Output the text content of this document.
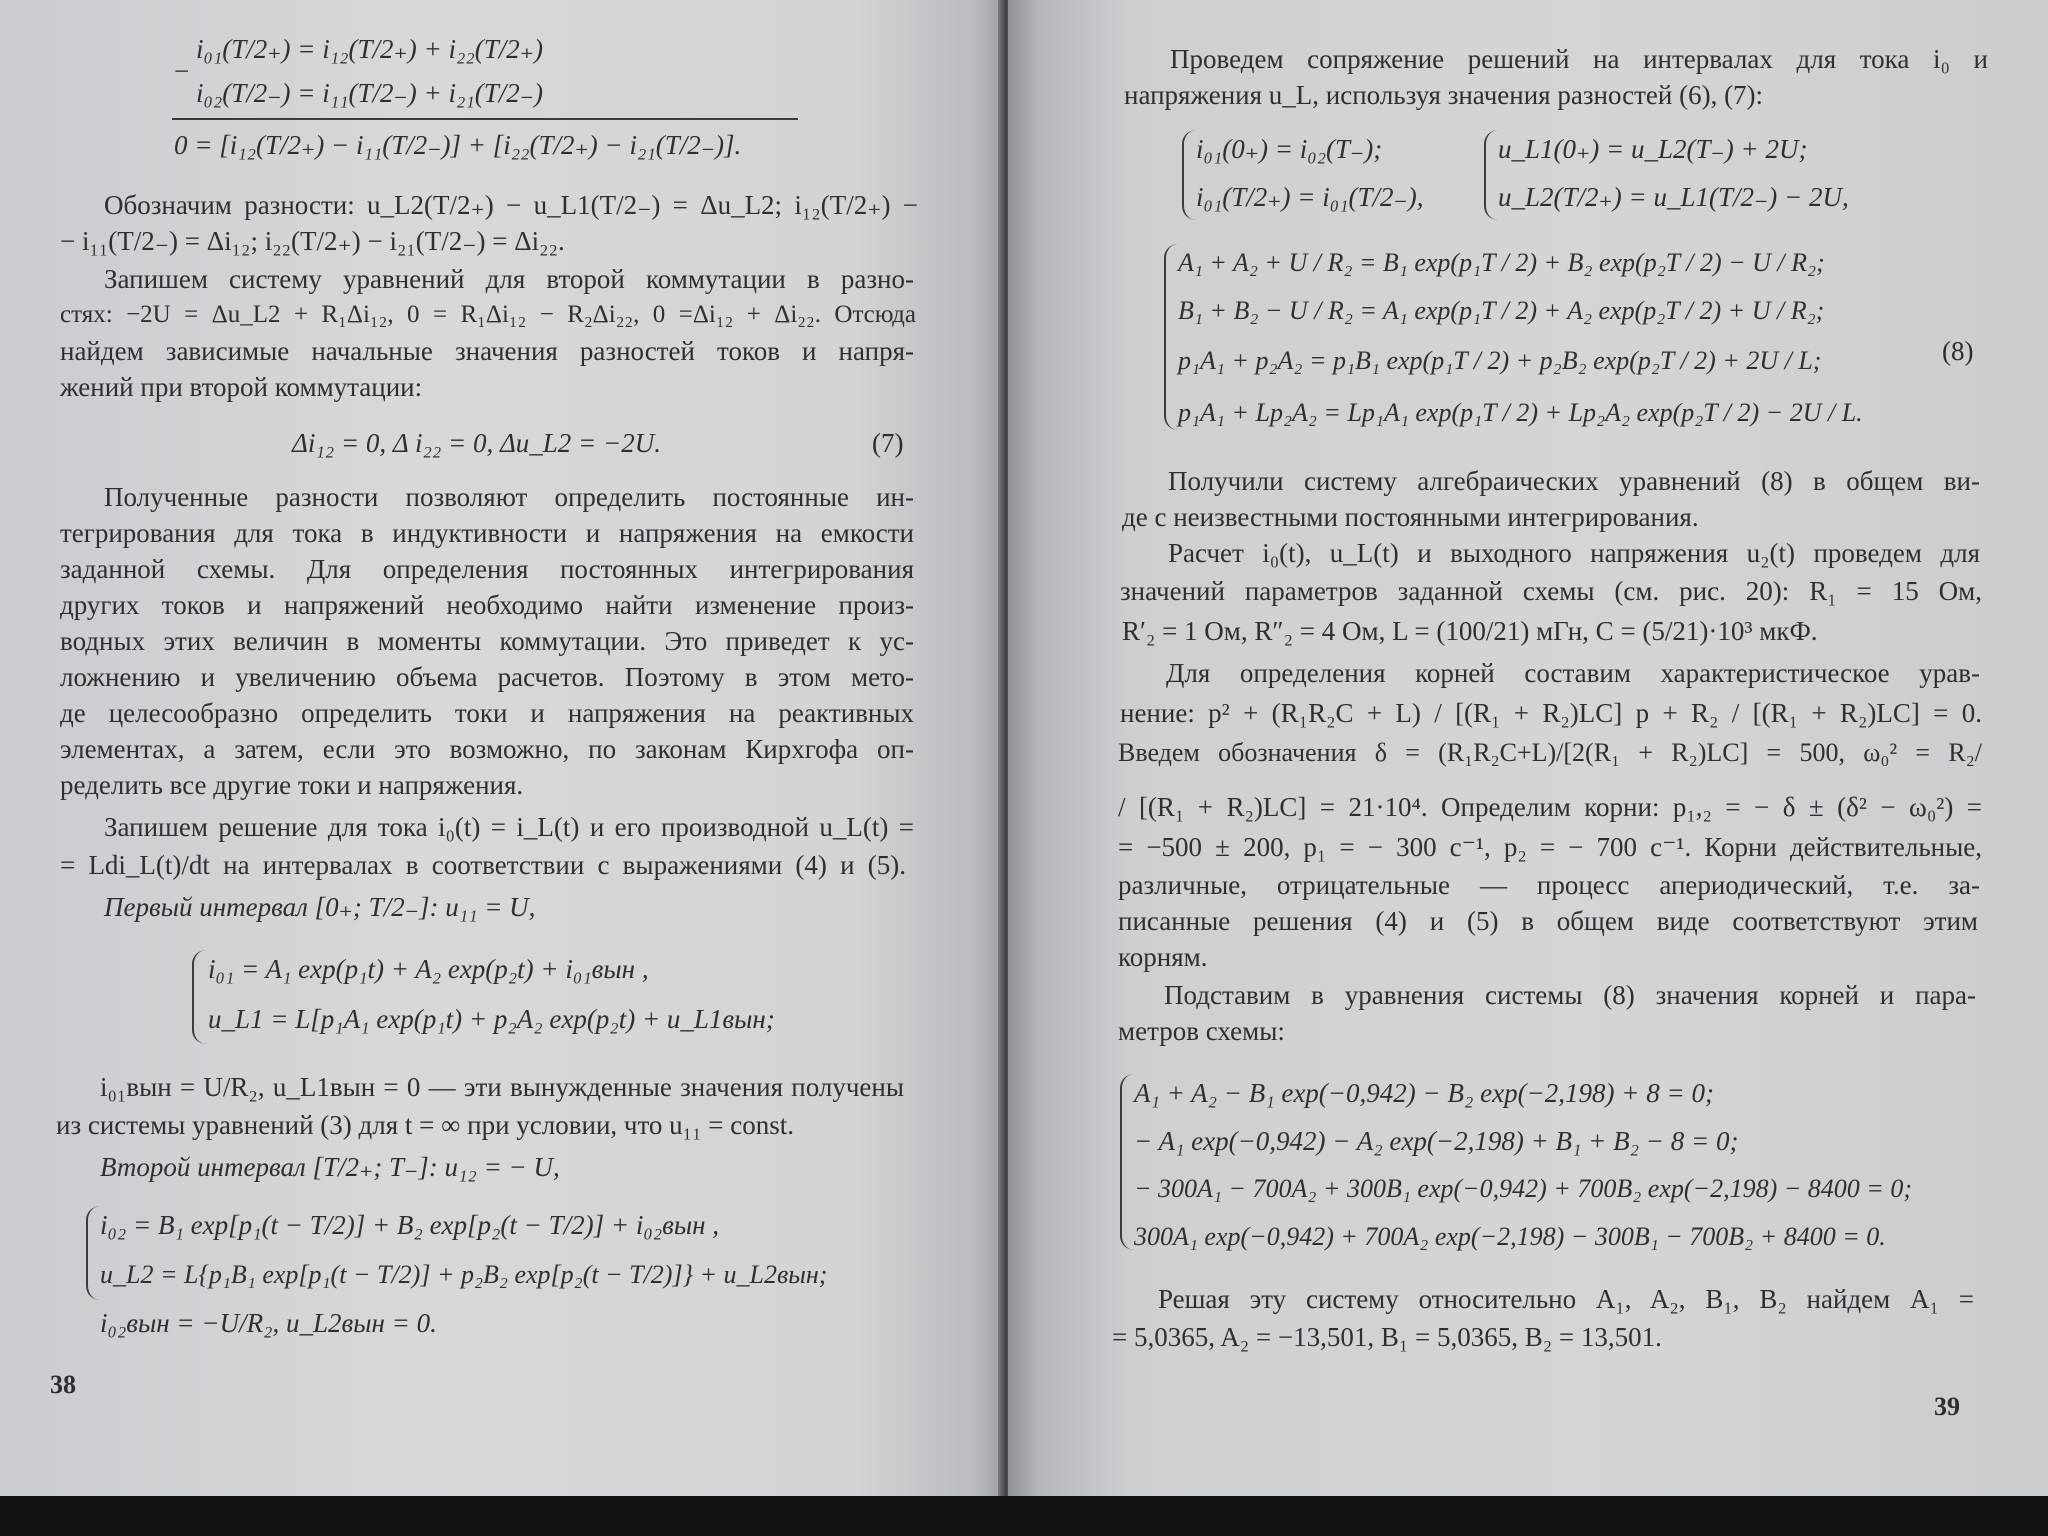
i₀₁(T/2₊) = i₁₂(T/2₊) + i₂₂(T/2₊)
−
i₀₂(T/2₋) = i₁₁(T/2₋) + i₂₁(T/2₋)
0 = [i₁₂(T/2₊) − i₁₁(T/2₋)] + [i₂₂(T/2₊) − i₂₁(T/2₋)].
Обозначим разности: u_L2(T/2₊) − u_L1(T/2₋) = Δu_L2; i₁₂(T/2₊) −
− i₁₁(T/2₋) = Δi₁₂; i₂₂(T/2₊) − i₂₁(T/2₋) = Δi₂₂.
Запишем систему уравнений для второй коммутации в разно-
стях: −2U = Δu_L2 + R₁Δi₁₂, 0 = R₁Δi₁₂ − R₂Δi₂₂, 0 =Δi₁₂ + Δi₂₂. Отсюда
найдем зависимые начальные значения разностей токов и напря-
жений при второй коммутации:
Δi₁₂ = 0, Δ i₂₂ = 0, Δu_L2 = −2U.	(7)
Полученные разности позволяют определить постоянные ин-
тегрирования для тока в индуктивности и напряжения на емкости
заданной схемы. Для определения постоянных интегрирования
других токов и напряжений необходимо найти изменение произ-
водных этих величин в моменты коммутации. Это приведет к ус-
ложнению и увеличению объема расчетов. Поэтому в этом мето-
де целесообразно определить токи и напряжения на реактивных
элементах, а затем, если это возможно, по законам Кирхгофа оп-
ределить все другие токи и напряжения.
Запишем решение для тока i₀(t) = i_L(t) и его производной u_L(t) =
= Ldi_L(t)/dt на интервалах в соответствии с выражениями (4) и (5).
Первый интервал [0₊; T/2₋]: u₁₁ = U,
i₀₁ = A₁ exp(p₁t) + A₂ exp(p₂t) + i₀₁вын ,
u_L1 = L[p₁A₁ exp(p₁t) + p₂A₂ exp(p₂t) + u_L1вын;
i₀₁вын = U/R₂, u_L1вын = 0 — эти вынужденные значения получены
из системы уравнений (3) для t = ∞ при условии, что u₁₁ = const.
Второй интервал [T/2₊; T₋]: u₁₂ = − U,
i₀₂ = B₁ exp[p₁(t − T/2)] + B₂ exp[p₂(t − T/2)] + i₀₂вын ,
u_L2 = L{p₁B₁ exp[p₁(t − T/2)] + p₂B₂ exp[p₂(t − T/2)]} + u_L2вын;
i₀₂вын = −U/R₂, u_L2вын = 0.
38
Проведем сопряжение решений на интервалах для тока i₀ и
напряжения u_L, используя значения разностей (6), (7):
i₀₁(0₊) = i₀₂(T₋);
i₀₁(T/2₊) = i₀₁(T/2₋),
u_L1(0₊) = u_L2(T₋) + 2U;
u_L2(T/2₊) = u_L1(T/2₋) − 2U,
A₁ + A₂ + U / R₂ = B₁ exp(p₁T / 2) + B₂ exp(p₂T / 2) − U / R₂;
B₁ + B₂ − U / R₂ = A₁ exp(p₁T / 2) + A₂ exp(p₂T / 2) + U / R₂;
p₁A₁ + p₂A₂ = p₁B₁ exp(p₁T / 2) + p₂B₂ exp(p₂T / 2) + 2U / L;
p₁A₁ + Lp₂A₂ = Lp₁A₁ exp(p₁T / 2) + Lp₂A₂ exp(p₂T / 2) − 2U / L.
(8)
Получили систему алгебраических уравнений (8) в общем ви-
де с неизвестными постоянными интегрирования.
Расчет i₀(t), u_L(t) и выходного напряжения u₂(t) проведем для
значений параметров заданной схемы (см. рис. 20): R₁ = 15 Ом,
R′₂ = 1 Ом, R″₂ = 4 Ом, L = (100/21) мГн, C = (5/21)·10³ мкФ.
Для определения корней составим характеристическое урав-
нение: p² + (R₁R₂C + L) / [(R₁ + R₂)LC] p + R₂ / [(R₁ + R₂)LC] = 0.
Введем обозначения δ = (R₁R₂C+L)/[2(R₁ + R₂)LC] = 500, ω₀² = R₂/
/ [(R₁ + R₂)LC] = 21·10⁴. Определим корни: p₁,₂ = − δ ± (δ² − ω₀²) =
= −500 ± 200, p₁ = − 300 c⁻¹, p₂ = − 700 c⁻¹. Корни действительные,
различные, отрицательные — процесс апериодический, т.е. за-
писанные решения (4) и (5) в общем виде соответствуют этим
корням.
Подставим в уравнения системы (8) значения корней и пара-
метров схемы:
A₁ + A₂ − B₁ exp(−0,942) − B₂ exp(−2,198) + 8 = 0;
− A₁ exp(−0,942) − A₂ exp(−2,198) + B₁ + B₂ − 8 = 0;
− 300A₁ − 700A₂ + 300B₁ exp(−0,942) + 700B₂ exp(−2,198) − 8400 = 0;
300A₁ exp(−0,942) + 700A₂ exp(−2,198) − 300B₁ − 700B₂ + 8400 = 0.
Решая эту систему относительно A₁, A₂, B₁, B₂ найдем A₁ =
= 5,0365, A₂ = −13,501, B₁ = 5,0365, B₂ = 13,501.
39
